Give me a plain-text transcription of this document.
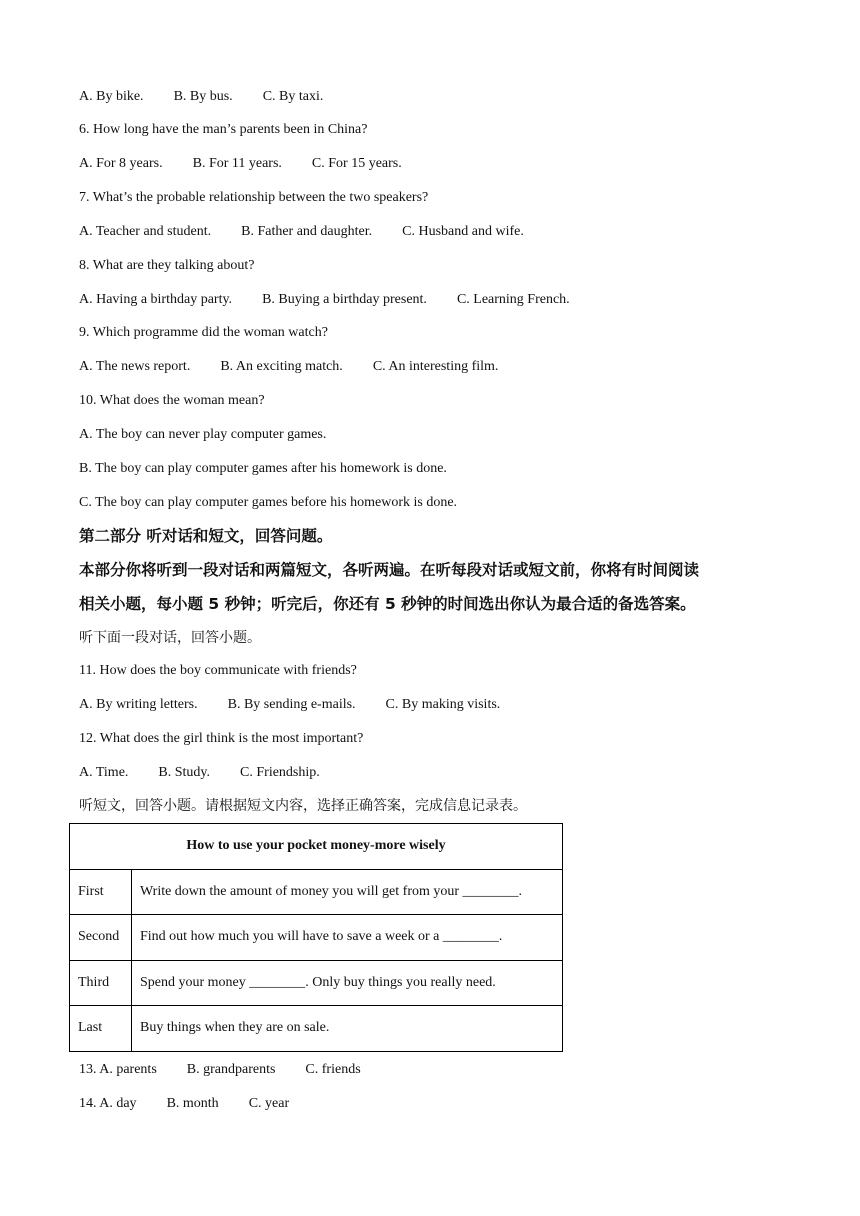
A. By bike. B. By bus. C. By taxi.
6. How long have the man’s parents been in China?
A. For 8 years. B. For 11 years. C. For 15 years.
7. What’s the probable relationship between the two speakers?
A. Teacher and student. B. Father and daughter. C. Husband and wife.
8. What are they talking about?
A. Having a birthday party. B. Buying a birthday present. C. Learning French.
9. Which programme did the woman watch?
A. The news report. B. An exciting match. C. An interesting film.
10. What does the woman mean?
A. The boy can never play computer games.
B. The boy can play computer games after his homework is done.
C. The boy can play computer games before his homework is done.
第二部分 听对话和短文，回答问题。
本部分你将听到一段对话和两篇短文，各听两遍。在听每段对话或短文前，你将有时间阅读
相关小题，每小题 5 秒钟；听完后，你还有 5 秒钟的时间选出你认为最合适的备选答案。
听下面一段对话，回答小题。
11. How does the boy communicate with friends?
A. By writing letters. B. By sending e-mails. C. By making visits.
12. What does the girl think is the most important?
A. Time. B. Study. C. Friendship.
听短文，回答小题。请根据短文内容，选择正确答案，完成信息记录表。
How to use your pocket money-more wisely	
First	Write down the amount of money you will get from your ________.
Second	Find out how much you will have to save a week or a ________.
Third	Spend your money ________. Only buy things you really need.
Last	Buy things when they are on sale.
13. A. parents B. grandparents C. friends
14. A. day B. month C. year
